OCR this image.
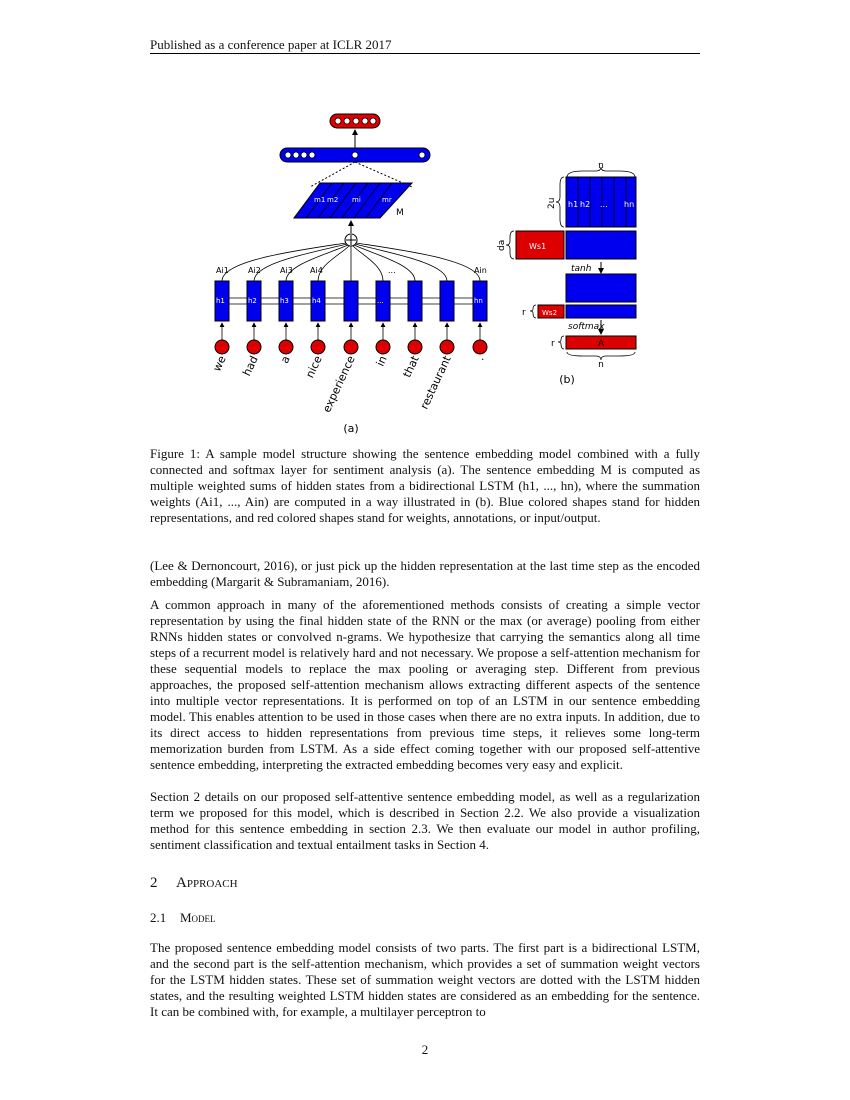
Published as a conference paper at ICLR 2017
m1 m2 mi	mr
M
Ai1 Ai2 Ai3 Ai4	...	Ain
h1	h2	h3	h4	...	hn
we had a nice
experience in that
restaurant .
(a)
n
h1 h2 ... hn
2u
Ws1
da
tanh
Ws2
r
softmax
A
r
n
(b)
Figure 1: A sample model structure showing the sentence embedding model combined with a fully connected and softmax layer for sentiment analysis (a). The sentence embedding M is computed as multiple weighted sums of hidden states from a bidirectional LSTM (h1, ..., hn), where the summation weights (Ai1, ..., Ain) are computed in a way illustrated in (b). Blue colored shapes stand for hidden representations, and red colored shapes stand for weights, annotations, or input/output.

(Lee & Dernoncourt, 2016), or just pick up the hidden representation at the last time step as the encoded embedding (Margarit & Subramaniam, 2016).

A common approach in many of the aforementioned methods consists of creating a simple vector representation by using the final hidden state of the RNN or the max (or average) pooling from either RNNs hidden states or convolved n-grams. We hypothesize that carrying the semantics along all time steps of a recurrent model is relatively hard and not necessary. We propose a self-attention mechanism for these sequential models to replace the max pooling or averaging step. Different from previous approaches, the proposed self-attention mechanism allows extracting different aspects of the sentence into multiple vector representations. It is performed on top of an LSTM in our sentence embedding model. This enables attention to be used in those cases when there are no extra inputs. In addition, due to its direct access to hidden representations from previous time steps, it relieves some long-term memorization burden from LSTM. As a side effect coming together with our proposed self-attentive sentence embedding, interpreting the extracted embedding becomes very easy and explicit.

Section 2 details on our proposed self-attentive sentence embedding model, as well as a regularization term we proposed for this model, which is described in Section 2.2. We also provide a visualization method for this sentence embedding in section 2.3. We then evaluate our model in author profiling, sentiment classification and textual entailment tasks in Section 4.

2 Approach
2.1 Model

The proposed sentence embedding model consists of two parts. The first part is a bidirectional LSTM, and the second part is the self-attention mechanism, which provides a set of summation weight vectors for the LSTM hidden states. These set of summation weight vectors are dotted with the LSTM hidden states, and the resulting weighted LSTM hidden states are considered as an embedding for the sentence. It can be combined with, for example, a multilayer perceptron to

2
